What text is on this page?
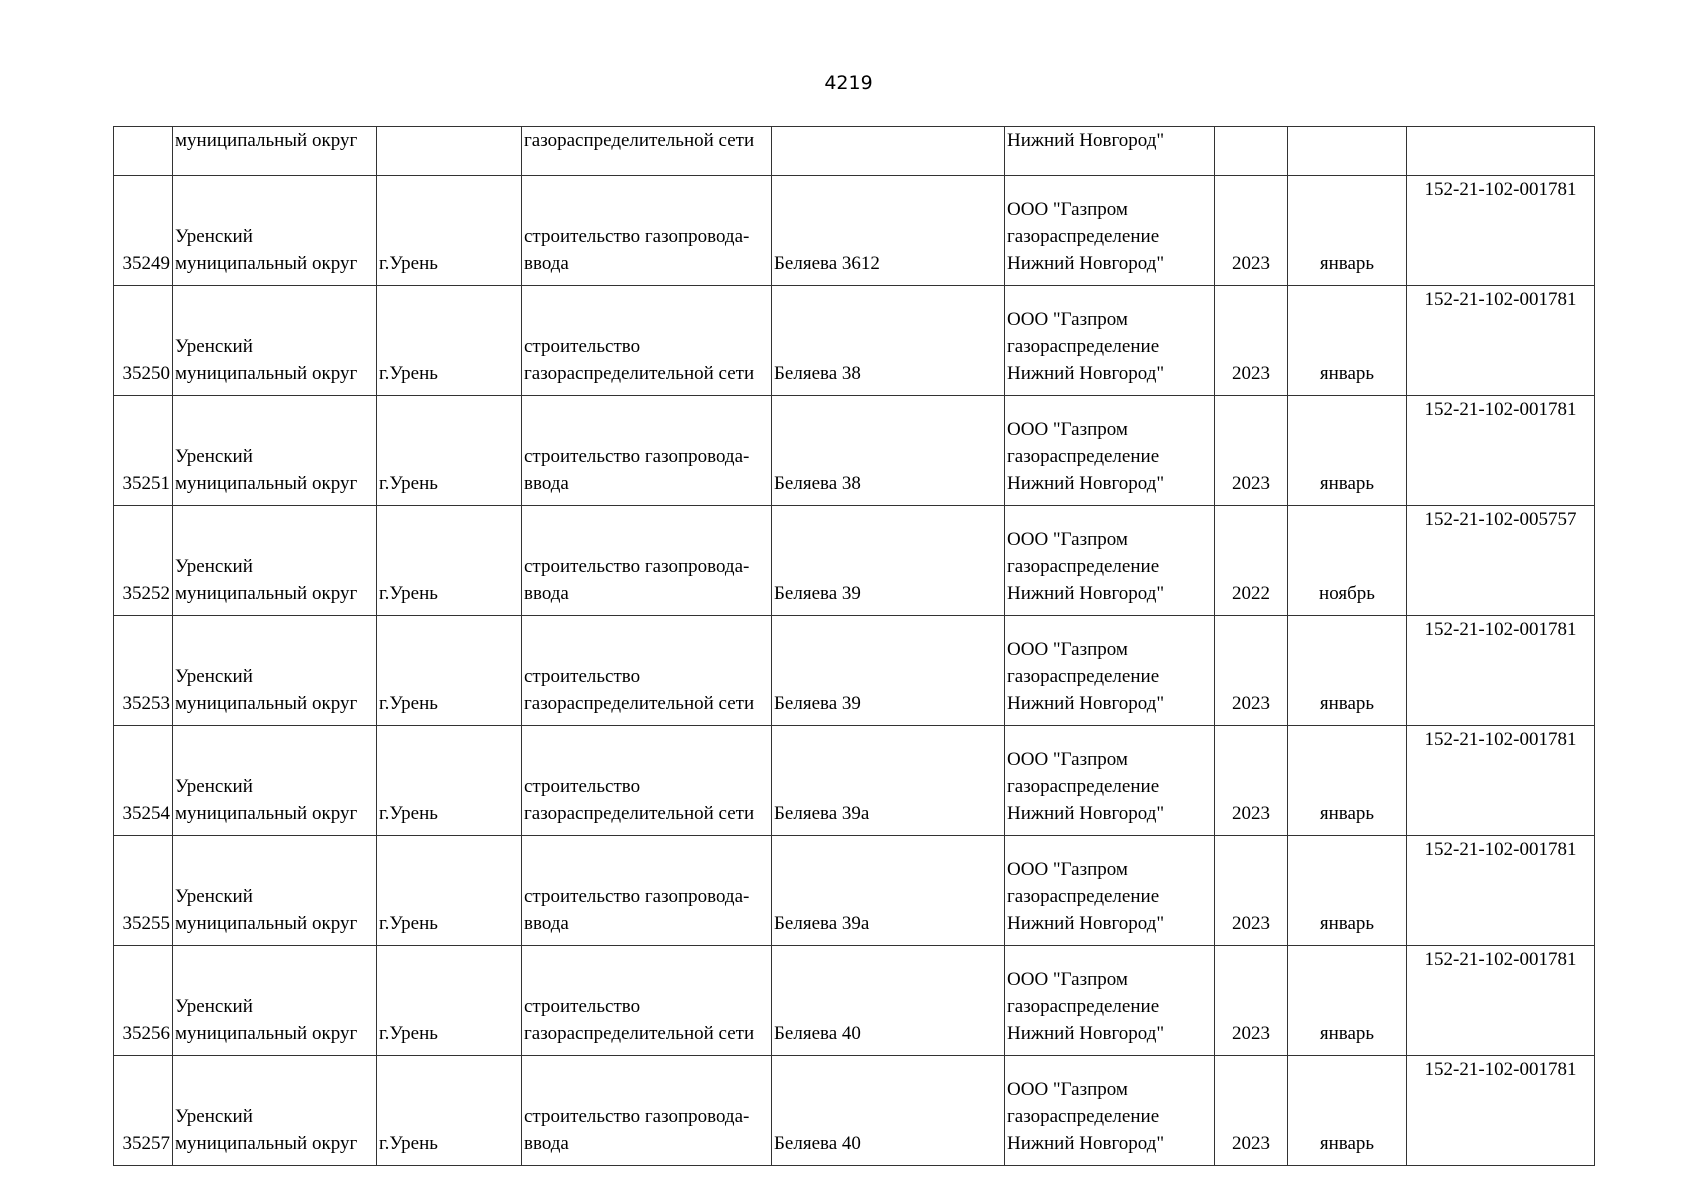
4219
	муниципальный округ		газораспределительной сети		Нижний Новгород"			
35249	Уренский
муниципальный округ	г.Урень	строительство газопровода-
ввода	Беляева 3612	ООО "Газпром
газораспределение
Нижний Новгород"	2023	январь	152-21-102-001781
35250	Уренский
муниципальный округ	г.Урень	строительство
газораспределительной сети	Беляева 38	ООО "Газпром
газораспределение
Нижний Новгород"	2023	январь	152-21-102-001781
35251	Уренский
муниципальный округ	г.Урень	строительство газопровода-
ввода	Беляева 38	ООО "Газпром
газораспределение
Нижний Новгород"	2023	январь	152-21-102-001781
35252	Уренский
муниципальный округ	г.Урень	строительство газопровода-
ввода	Беляева 39	ООО "Газпром
газораспределение
Нижний Новгород"	2022	ноябрь	152-21-102-005757
35253	Уренский
муниципальный округ	г.Урень	строительство
газораспределительной сети	Беляева 39	ООО "Газпром
газораспределение
Нижний Новгород"	2023	январь	152-21-102-001781
35254	Уренский
муниципальный округ	г.Урень	строительство
газораспределительной сети	Беляева 39а	ООО "Газпром
газораспределение
Нижний Новгород"	2023	январь	152-21-102-001781
35255	Уренский
муниципальный округ	г.Урень	строительство газопровода-
ввода	Беляева 39а	ООО "Газпром
газораспределение
Нижний Новгород"	2023	январь	152-21-102-001781
35256	Уренский
муниципальный округ	г.Урень	строительство
газораспределительной сети	Беляева 40	ООО "Газпром
газораспределение
Нижний Новгород"	2023	январь	152-21-102-001781
35257	Уренский
муниципальный округ	г.Урень	строительство газопровода-
ввода	Беляева 40	ООО "Газпром
газораспределение
Нижний Новгород"	2023	январь	152-21-102-001781
